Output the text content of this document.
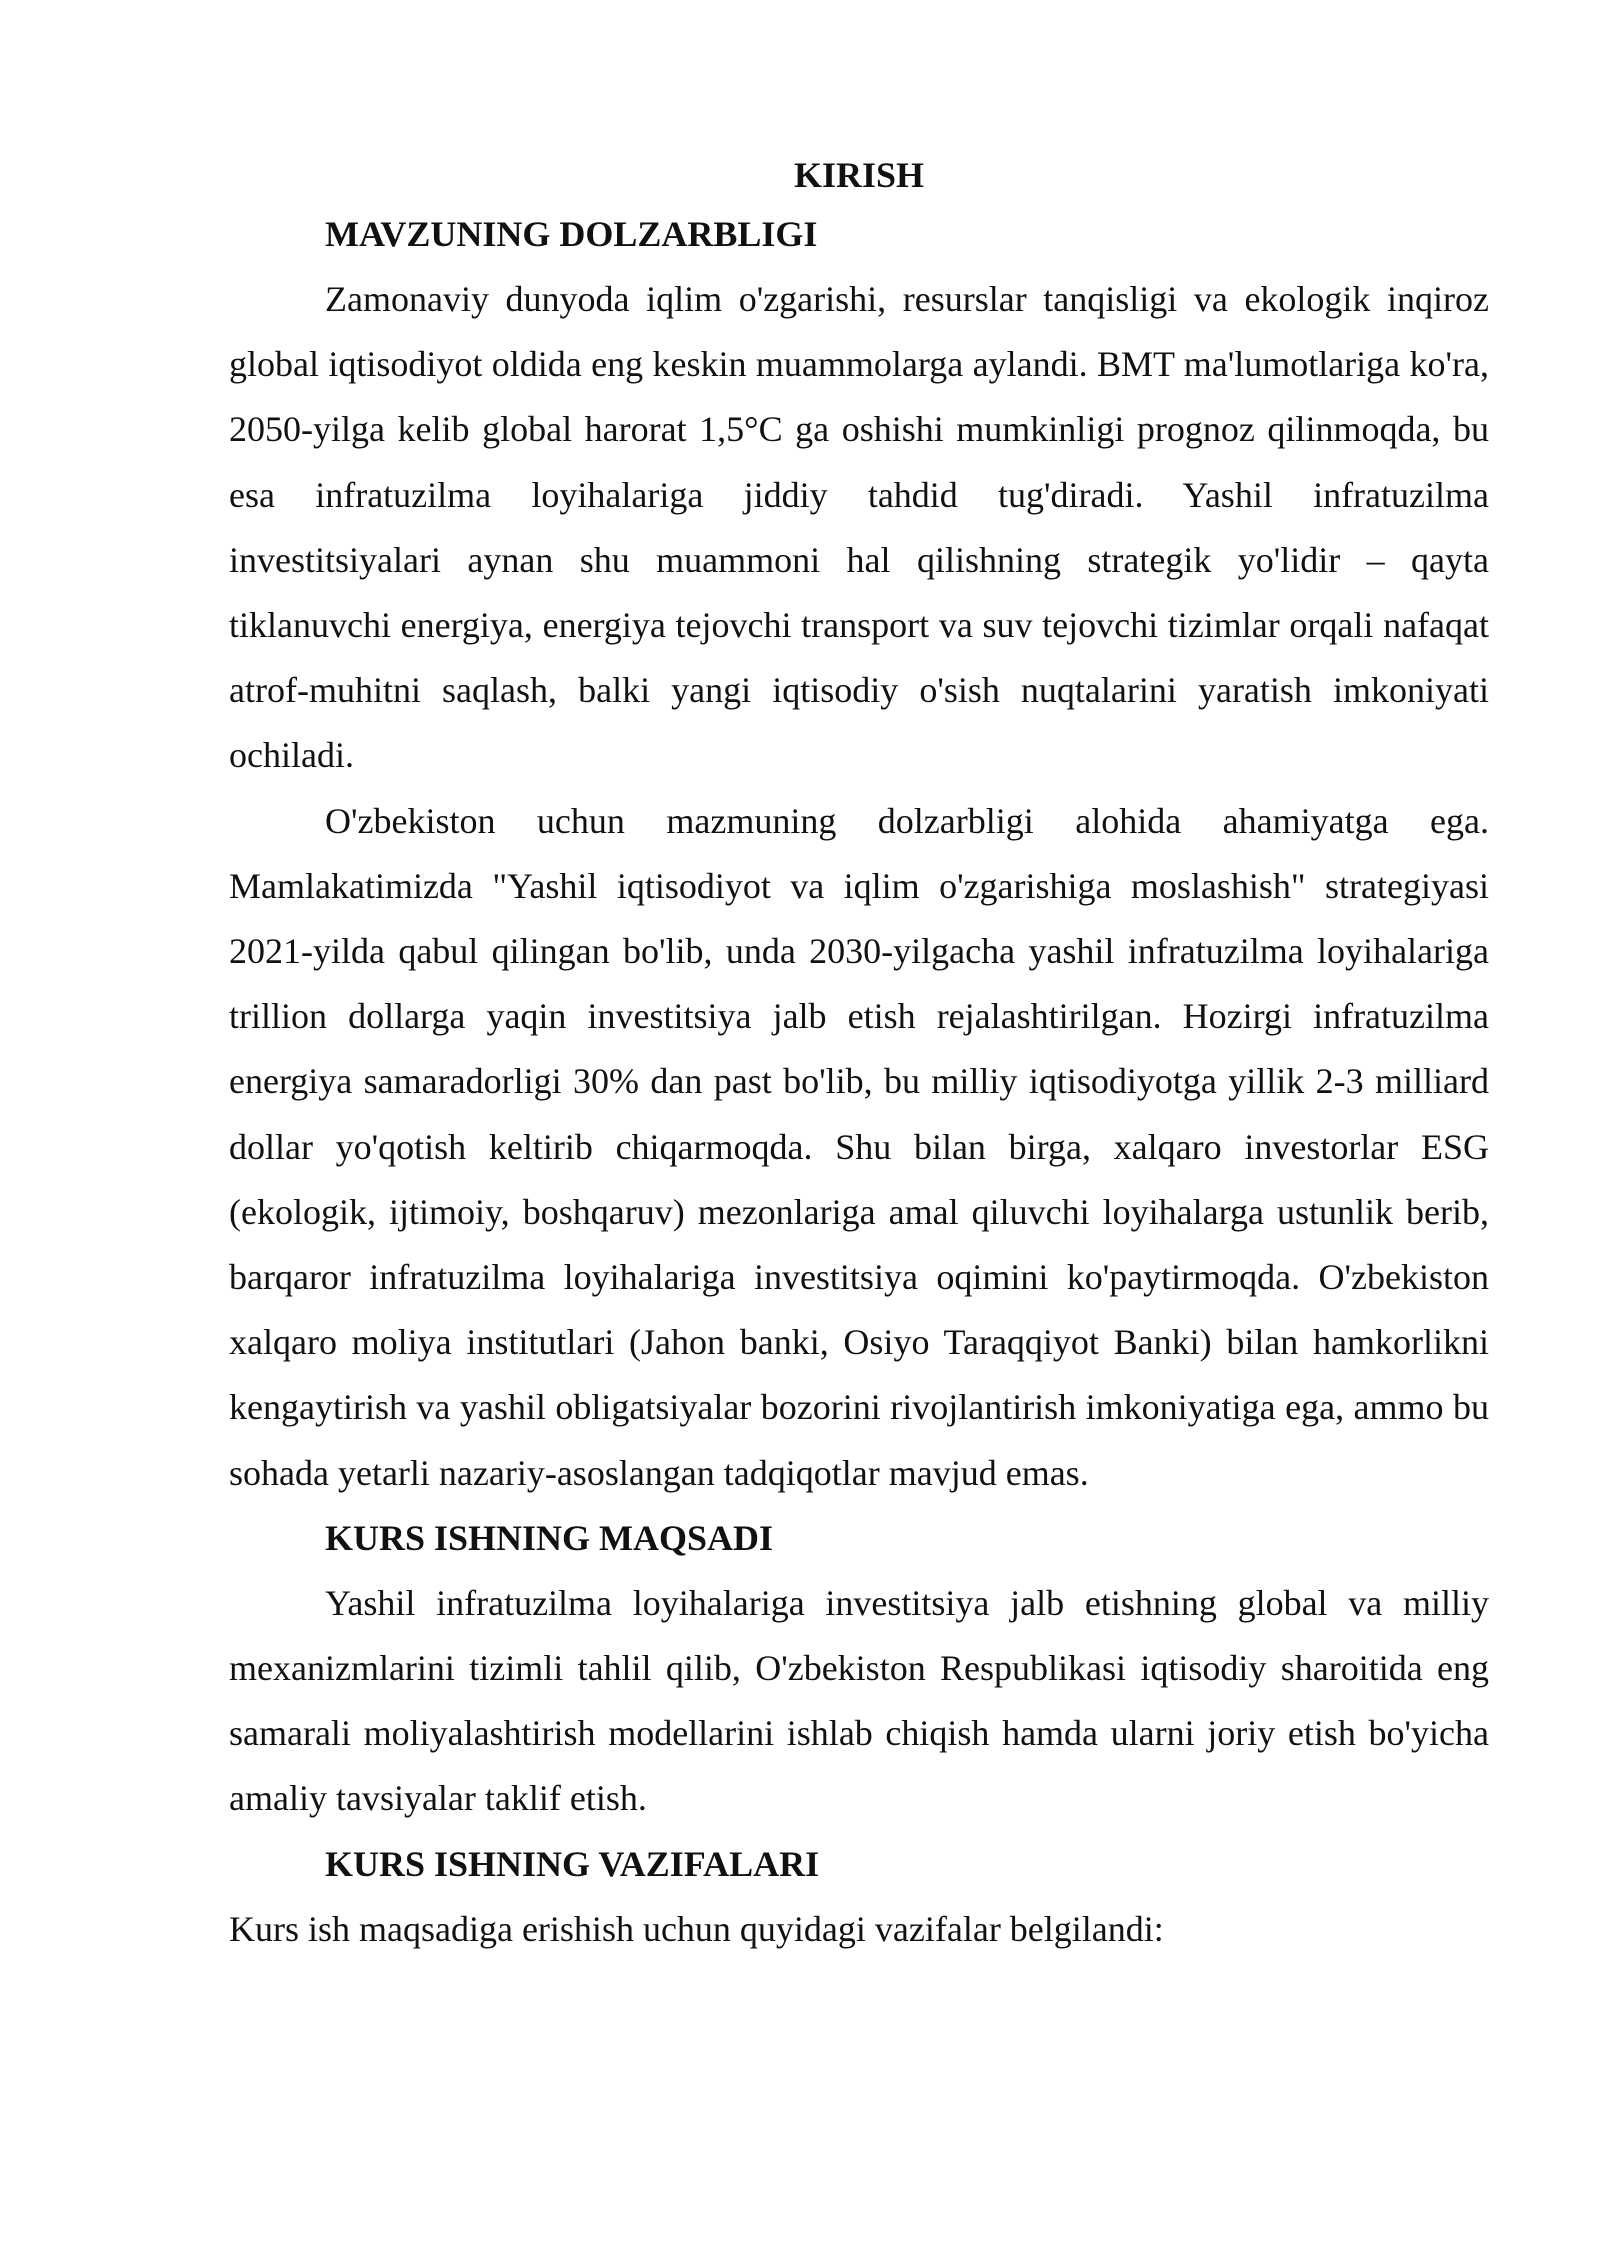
KIRISH
MAVZUNING DOLZARBLIGI

Zamonaviy dunyoda iqlim o'zgarishi, resurslar tanqisligi va ekologik inqiroz global iqtisodiyot oldida eng keskin muammolarga aylandi. BMT ma'lumotlariga ko'ra, 2050-yilga kelib global harorat 1,5°C ga oshishi mumkinligi prognoz qilinmoqda, bu esa infratuzilma loyihalariga jiddiy tahdid tug'diradi. Yashil infratuzilma investitsiyalari aynan shu muammoni hal qilishning strategik yo'lidir – qayta tiklanuvchi energiya, energiya tejovchi transport va suv tejovchi tizimlar orqali nafaqat atrof-muhitni saqlash, balki yangi iqtisodiy o'sish nuqtalarini yaratish imkoniyati ochiladi.

O'zbekiston uchun mazmuning dolzarbligi alohida ahamiyatga ega. Mamlakatimizda "Yashil iqtisodiyot va iqlim o'zgarishiga moslashish" strategiyasi 2021-yilda qabul qilingan bo'lib, unda 2030-yilgacha yashil infratuzilma loyihalariga trillion dollarga yaqin investitsiya jalb etish rejalashtirilgan. Hozirgi infratuzilma energiya samaradorligi 30% dan past bo'lib, bu milliy iqtisodiyotga yillik 2-3 milliard dollar yo'qotish keltirib chiqarmoqda. Shu bilan birga, xalqaro investorlar ESG (ekologik, ijtimoiy, boshqaruv) mezonlariga amal qiluvchi loyihalarga ustunlik berib, barqaror infratuzilma loyihalariga investitsiya oqimini ko'paytirmoqda. O'zbekiston xalqaro moliya institutlari (Jahon banki, Osiyo Taraqqiyot Banki) bilan hamkorlikni kengaytirish va yashil obligatsiyalar bozorini rivojlantirish imkoniyatiga ega, ammo bu sohada yetarli nazariy-asoslangan tadqiqotlar mavjud emas.

KURS ISHNING MAQSADI

Yashil infratuzilma loyihalariga investitsiya jalb etishning global va milliy mexanizmlarini tizimli tahlil qilib, O'zbekiston Respublikasi iqtisodiy sharoitida eng samarali moliyalashtirish modellarini ishlab chiqish hamda ularni joriy etish bo'yicha amaliy tavsiyalar taklif etish.

KURS ISHNING VAZIFALARI

Kurs ish maqsadiga erishish uchun quyidagi vazifalar belgilandi:
